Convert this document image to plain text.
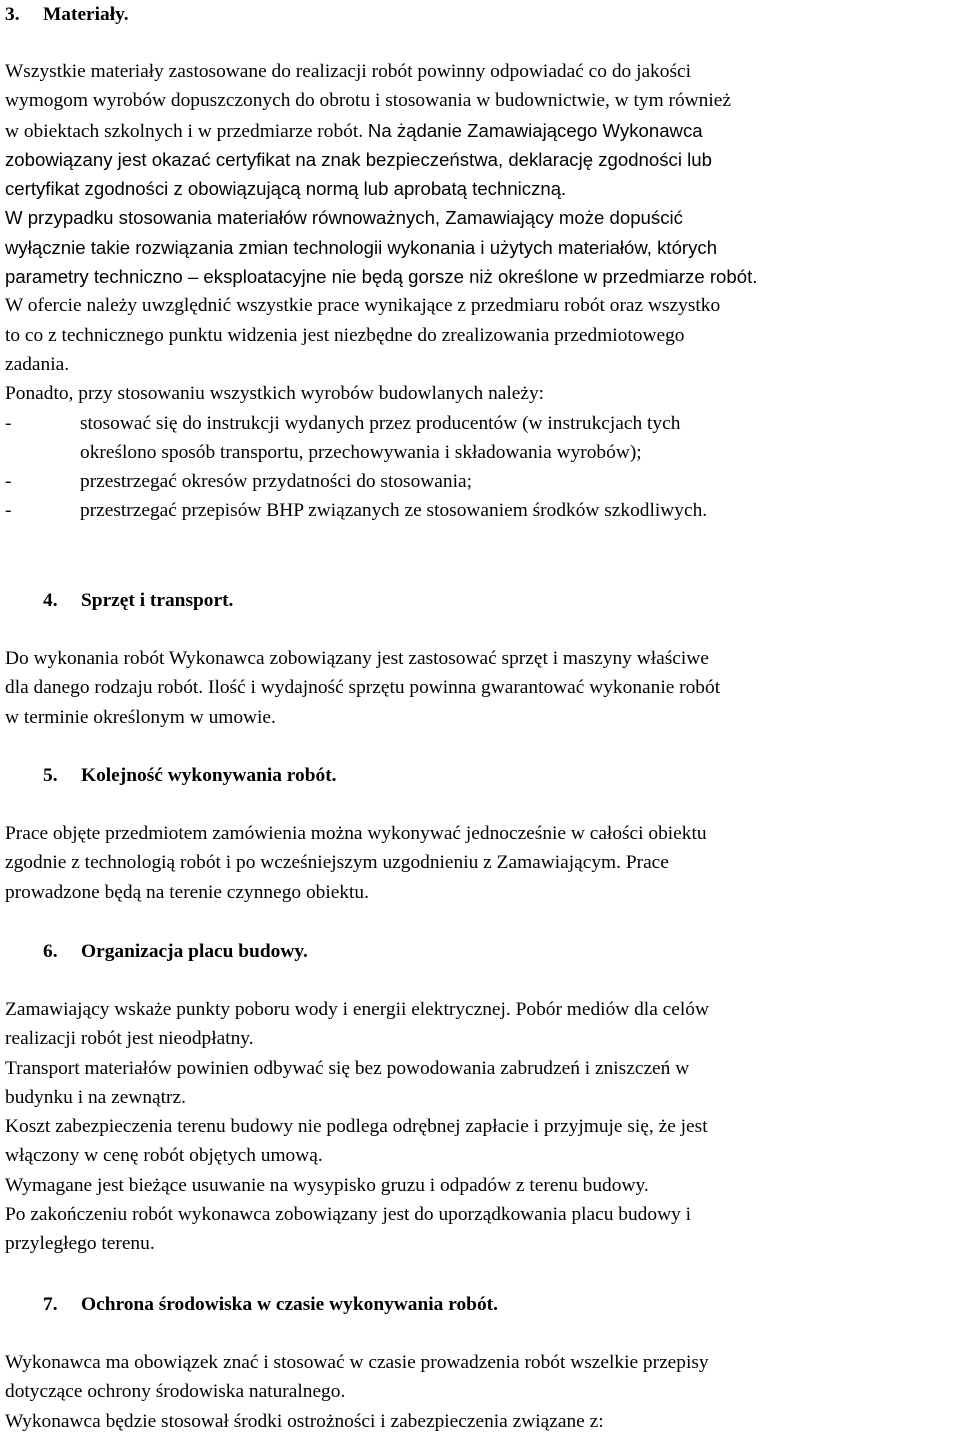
3. Materiały.
Wszystkie materiały zastosowane do realizacji robót powinny odpowiadać co do jakości
wymogom wyrobów dopuszczonych do obrotu i stosowania w budownictwie, w tym również
w obiektach szkolnych i w przedmiarze robót. Na żądanie Zamawiającego Wykonawca
zobowiązany jest okazać certyfikat na znak bezpieczeństwa, deklarację zgodności lub
certyfikat zgodności z obowiązującą normą lub aprobatą techniczną.
W przypadku stosowania materiałów równoważnych, Zamawiający może dopuścić
wyłącznie takie rozwiązania zmian technologii wykonania i użytych materiałów, których
parametry techniczno – eksploatacyjne nie będą gorsze niż określone w przedmiarze robót.
W ofercie należy uwzględnić wszystkie prace wynikające z przedmiaru robót oraz wszystko
to co z technicznego punktu widzenia jest niezbędne do zrealizowania przedmiotowego
zadania.
Ponadto, przy stosowaniu wszystkich wyrobów budowlanych należy:
-	stosować się do instrukcji wydanych przez producentów (w instrukcjach tych
określono sposób transportu, przechowywania i składowania wyrobów);
-	przestrzegać okresów przydatności do stosowania;
-	przestrzegać przepisów BHP związanych ze stosowaniem środków szkodliwych.
4. Sprzęt i transport.
Do wykonania robót Wykonawca zobowiązany jest zastosować sprzęt i maszyny właściwe
dla danego rodzaju robót. Ilość i wydajność sprzętu powinna gwarantować wykonanie robót
w terminie określonym w umowie.
5. Kolejność wykonywania robót.
Prace objęte przedmiotem zamówienia można wykonywać jednocześnie w całości obiektu
zgodnie z technologią robót i po wcześniejszym uzgodnieniu z Zamawiającym. Prace
prowadzone będą na terenie czynnego obiektu.
6. Organizacja placu budowy.
Zamawiający wskaże punkty poboru wody i energii elektrycznej. Pobór mediów dla celów
realizacji robót jest nieodpłatny.
Transport materiałów powinien odbywać się bez powodowania zabrudzeń i zniszczeń w
budynku i na zewnątrz.
Koszt zabezpieczenia terenu budowy nie podlega odrębnej zapłacie i przyjmuje się, że jest
włączony w cenę robót objętych umową.
Wymagane jest bieżące usuwanie na wysypisko gruzu i odpadów z terenu budowy.
Po zakończeniu robót wykonawca zobowiązany jest do uporządkowania placu budowy i
przyległego terenu.
7. Ochrona środowiska w czasie wykonywania robót.
Wykonawca ma obowiązek znać i stosować w czasie prowadzenia robót wszelkie przepisy
dotyczące ochrony środowiska naturalnego.
Wykonawca będzie stosował środki ostrożności i zabezpieczenia związane z:
